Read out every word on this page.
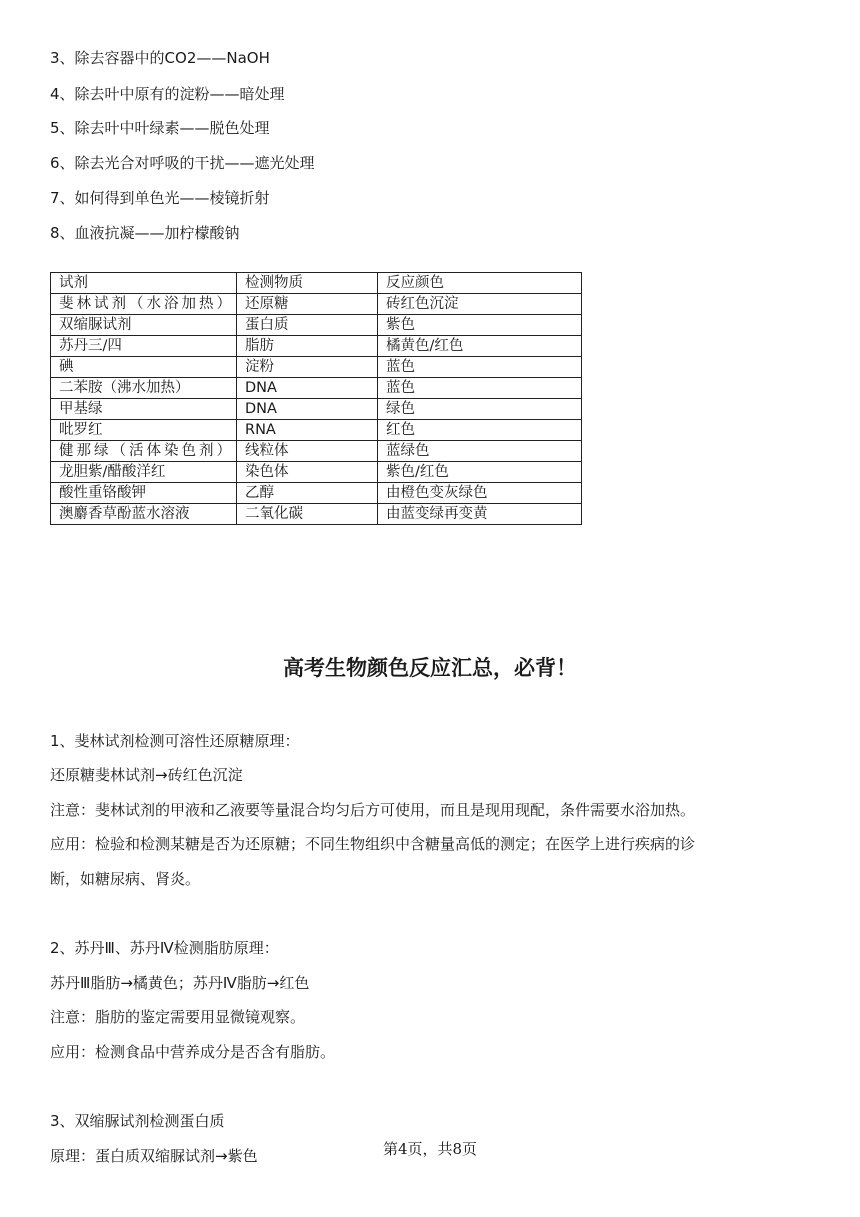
3、除去容器中的CO2——NaOH
4、除去叶中原有的淀粉——暗处理
5、除去叶中叶绿素——脱色处理
6、除去光合对呼吸的干扰——遮光处理
7、如何得到单色光——棱镜折射
8、血液抗凝——加柠檬酸钠
试剂	检测物质	反应颜色
斐林试剂（水浴加热）	还原糖	砖红色沉淀
双缩脲试剂	蛋白质	紫色
苏丹三/四	脂肪	橘黄色/红色
碘	淀粉	蓝色
二苯胺（沸水加热）	DNA	蓝色
甲基绿	DNA	绿色
吡罗红	RNA	红色
健那绿（活体染色剂）	线粒体	蓝绿色
龙胆紫/醋酸洋红	染色体	紫色/红色
酸性重铬酸钾	乙醇	由橙色变灰绿色
澳麝香草酚蓝水溶液	二氧化碳	由蓝变绿再变黄
高考生物颜色反应汇总，必背！
1、斐林试剂检测可溶性还原糖原理：
还原糖斐林试剂→砖红色沉淀
注意：斐林试剂的甲液和乙液要等量混合均匀后方可使用，而且是现用现配，条件需要水浴加热。
应用：检验和检测某糖是否为还原糖；不同生物组织中含糖量高低的测定；在医学上进行疾病的诊
断，如糖尿病、肾炎。
2、苏丹Ⅲ、苏丹Ⅳ检测脂肪原理：
苏丹Ⅲ脂肪→橘黄色；苏丹Ⅳ脂肪→红色
注意：脂肪的鉴定需要用显微镜观察。
应用：检测食品中营养成分是否含有脂肪。
3、双缩脲试剂检测蛋白质
原理：蛋白质双缩脲试剂→紫色	第4页，共8页
